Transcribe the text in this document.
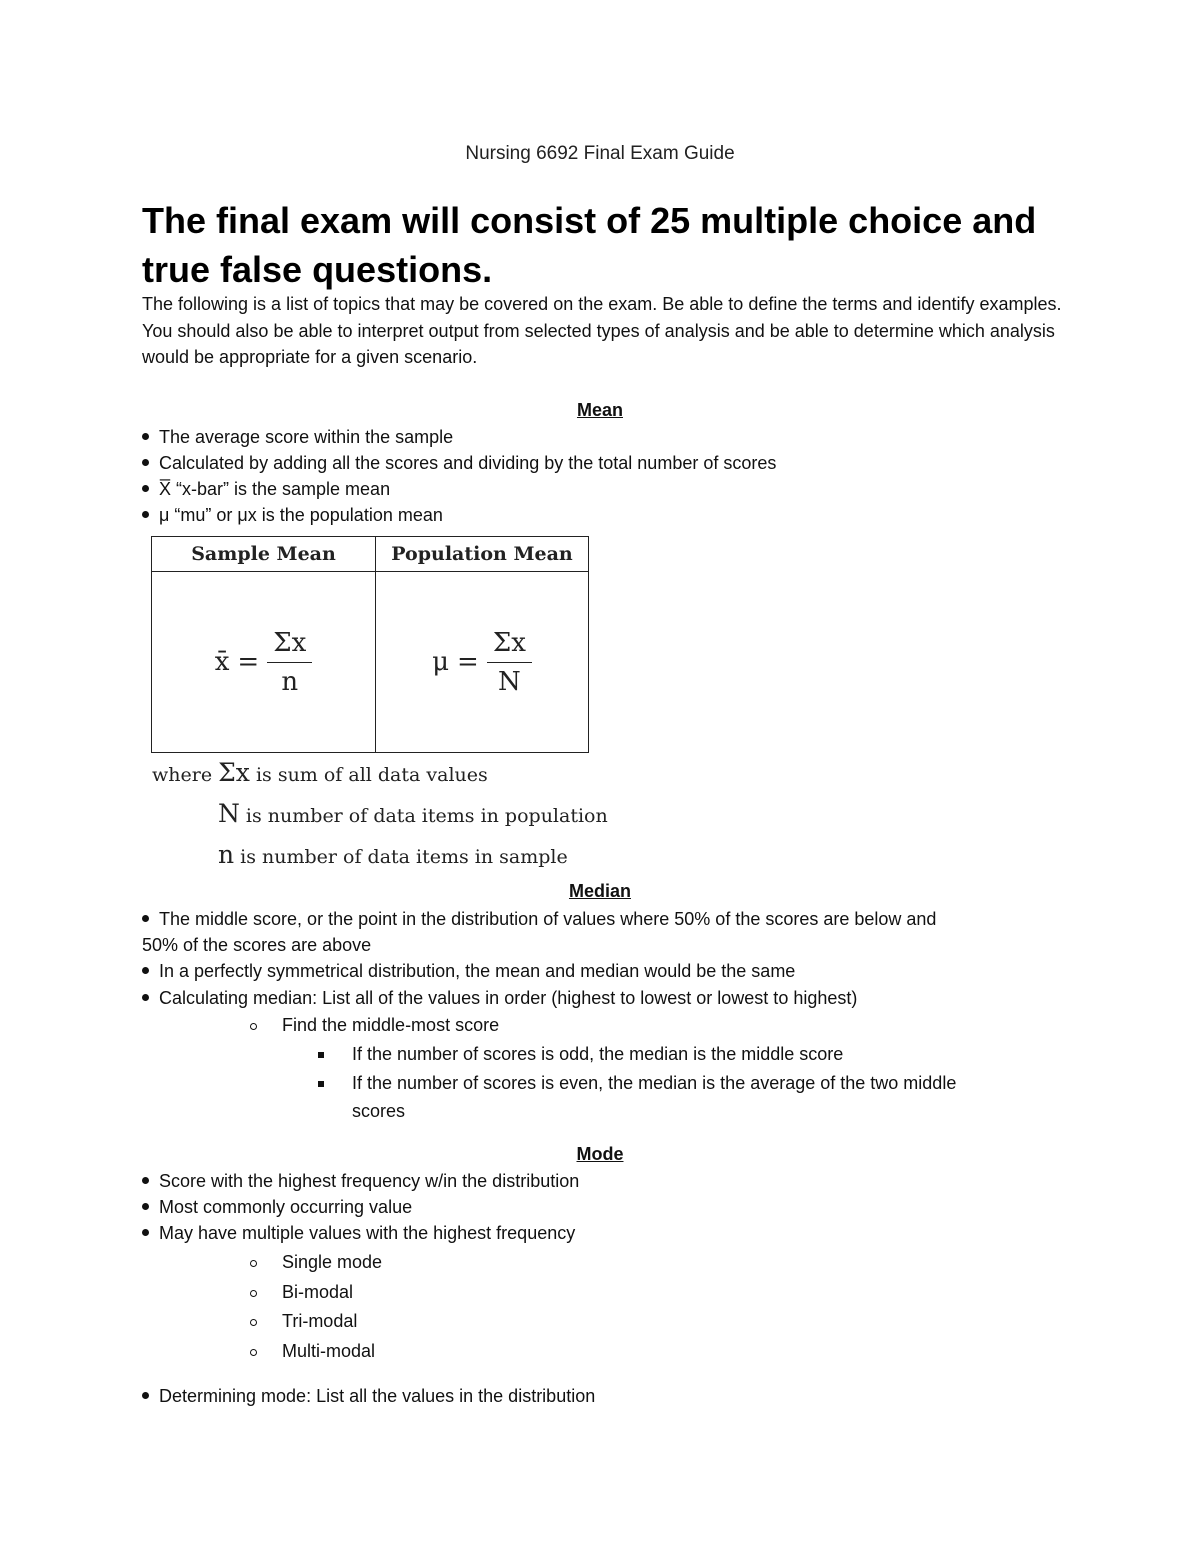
Nursing 6692 Final Exam Guide
The final exam will consist of 25 multiple choice and
true false questions.
The following is a list of topics that may be covered on the exam. Be able to define the terms and identify examples. You should also be able to interpret output from selected types of analysis and be able to determine which analysis would be appropriate for a given scenario.
Mean
The average score within the sample
Calculated by adding all the scores and dividing by the total number of scores
X̅ “x-bar” is the sample mean
μ “mu” or μx is the population mean
Sample Mean	Population Mean

x̄ = $\frac{\Sigma x}{n}$	$\mu = \frac{\Sigma x}{N}$
where Σx is sum of all data values
N is number of data items in population
n is number of data items in sample
Median
The middle score, or the point in the distribution of values where 50% of the scores are below and
50% of the scores are above
In a perfectly symmetrical distribution, the mean and median would be the same
Calculating median: List all of the values in order (highest to lowest or lowest to highest)
Find the middle-most score
If the number of scores is odd, the median is the middle score
If the number of scores is even, the median is the average of the two middle
scores
Mode
Score with the highest frequency w/in the distribution
Most commonly occurring value
May have multiple values with the highest frequency
Single mode
Bi-modal
Tri-modal
Multi-modal
Determining mode: List all the values in the distribution
